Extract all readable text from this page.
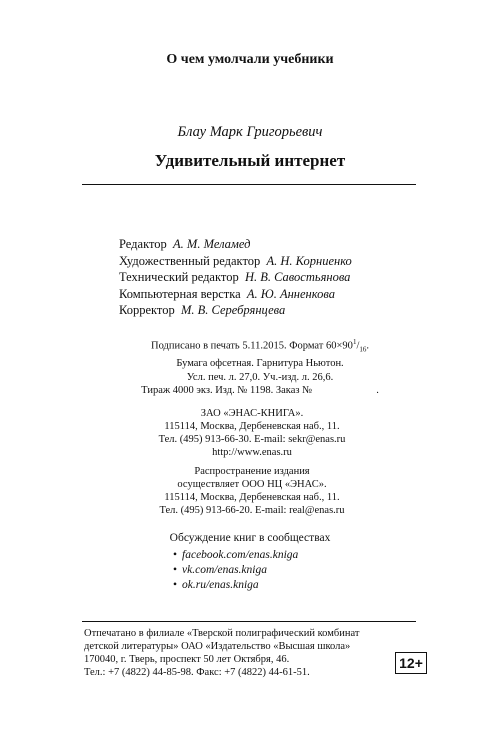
О чем умолчали учебники
Блау Марк Григорьевич
Удивительный интернет
Редактор А. М. Меламед
Художественный редактор А. Н. Корниенко
Технический редактор Н. В. Савостьянова
Компьютерная верстка А. Ю. Анненкова
Корректор М. В. Серебрянцева
Подписано в печать 5.11.2015. Формат $60\times 90^1/_{16}$.
Бумага офсетная. Гарнитура Ньютон.
Усл. печ. л. 27,0. Уч.-изд. л. 26,6.
Тираж 4000 экз. Изд. № 1198. Заказ №	.
ЗАО «ЭНАС-КНИГА».
115114, Москва, Дербеневская наб., 11.
Тел. (495) 913-66-30. E-mail: sekr@enas.ru
http://www.enas.ru
Распространение издания
осуществляет ООО НЦ «ЭНАС».
115114, Москва, Дербеневская наб., 11.
Тел. (495) 913-66-20. E-mail: real@enas.ru
Обсуждение книг в сообществах
• facebook.com/enas.kniga
• vk.com/enas.kniga
• ok.ru/enas.kniga
Отпечатано в филиале «Тверской полиграфический комбинат
детской литературы» ОАО «Издательство «Высшая школа»
170040, г. Тверь, проспект 50 лет Октября, 46.
Тел.: +7 (4822) 44-85-98. Факс: +7 (4822) 44-61-51.
12+
